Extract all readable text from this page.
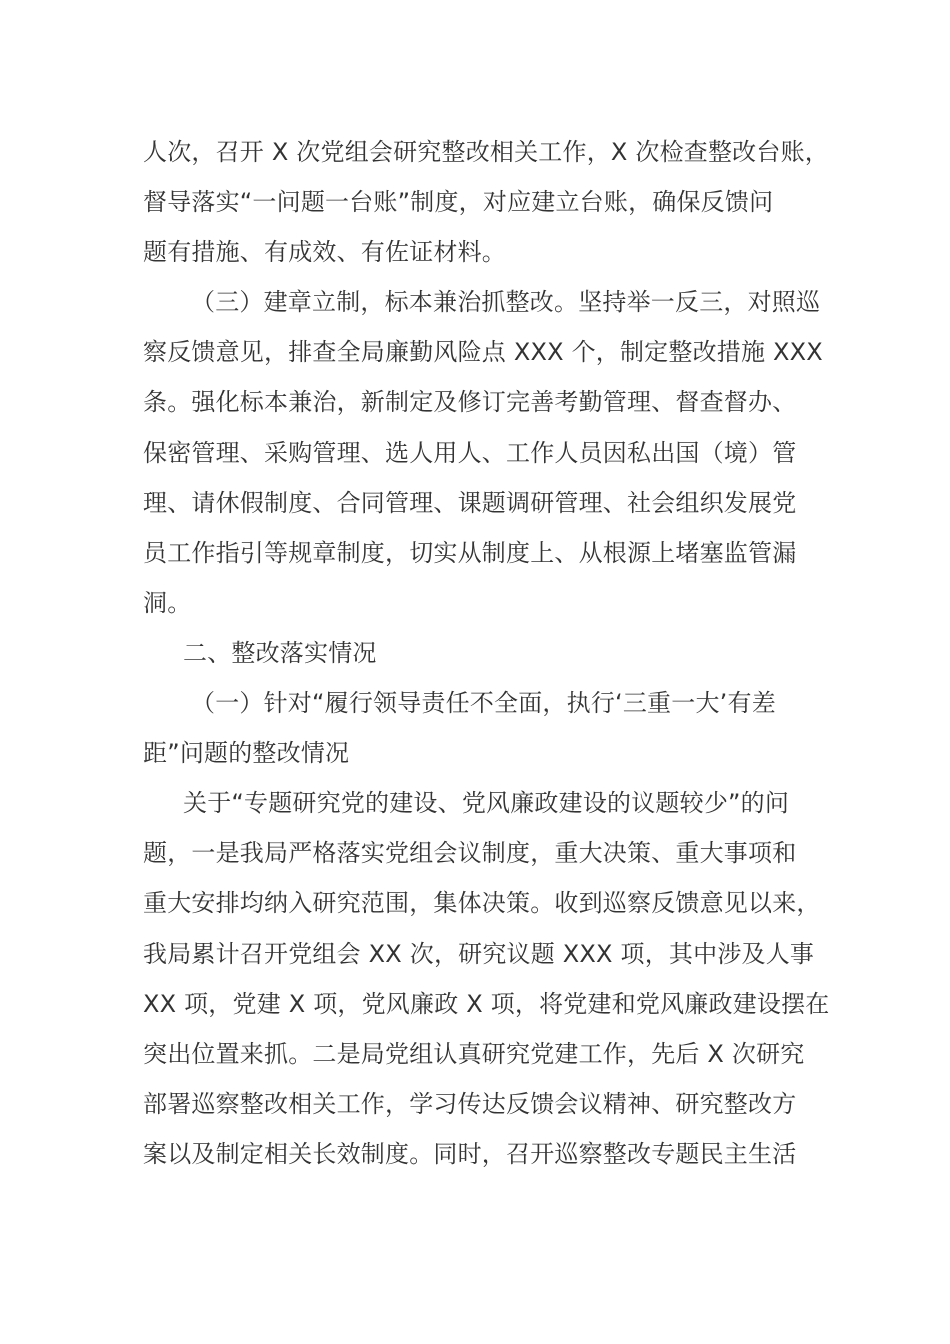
人次，召开 X 次党组会研究整改相关工作，X 次检查整改台账，
督导落实“一问题一台账”制度，对应建立台账，确保反馈问
题有措施、有成效、有佐证材料。
（三）建章立制，标本兼治抓整改。坚持举一反三，对照巡
察反馈意见，排查全局廉勤风险点 XXX 个，制定整改措施 XXX
条。强化标本兼治，新制定及修订完善考勤管理、督查督办、
保密管理、采购管理、选人用人、工作人员因私出国（境）管
理、请休假制度、合同管理、课题调研管理、社会组织发展党
员工作指引等规章制度，切实从制度上、从根源上堵塞监管漏
洞。
二、整改落实情况
（一）针对“履行领导责任不全面，执行‘三重一大’有差
距”问题的整改情况
关于“专题研究党的建设、党风廉政建设的议题较少”的问
题，一是我局严格落实党组会议制度，重大决策、重大事项和
重大安排均纳入研究范围，集体决策。收到巡察反馈意见以来，
我局累计召开党组会 XX 次，研究议题 XXX 项，其中涉及人事
XX 项，党建 X 项，党风廉政 X 项，将党建和党风廉政建设摆在
突出位置来抓。二是局党组认真研究党建工作，先后 X 次研究
部署巡察整改相关工作，学习传达反馈会议精神、研究整改方
案以及制定相关长效制度。同时，召开巡察整改专题民主生活
